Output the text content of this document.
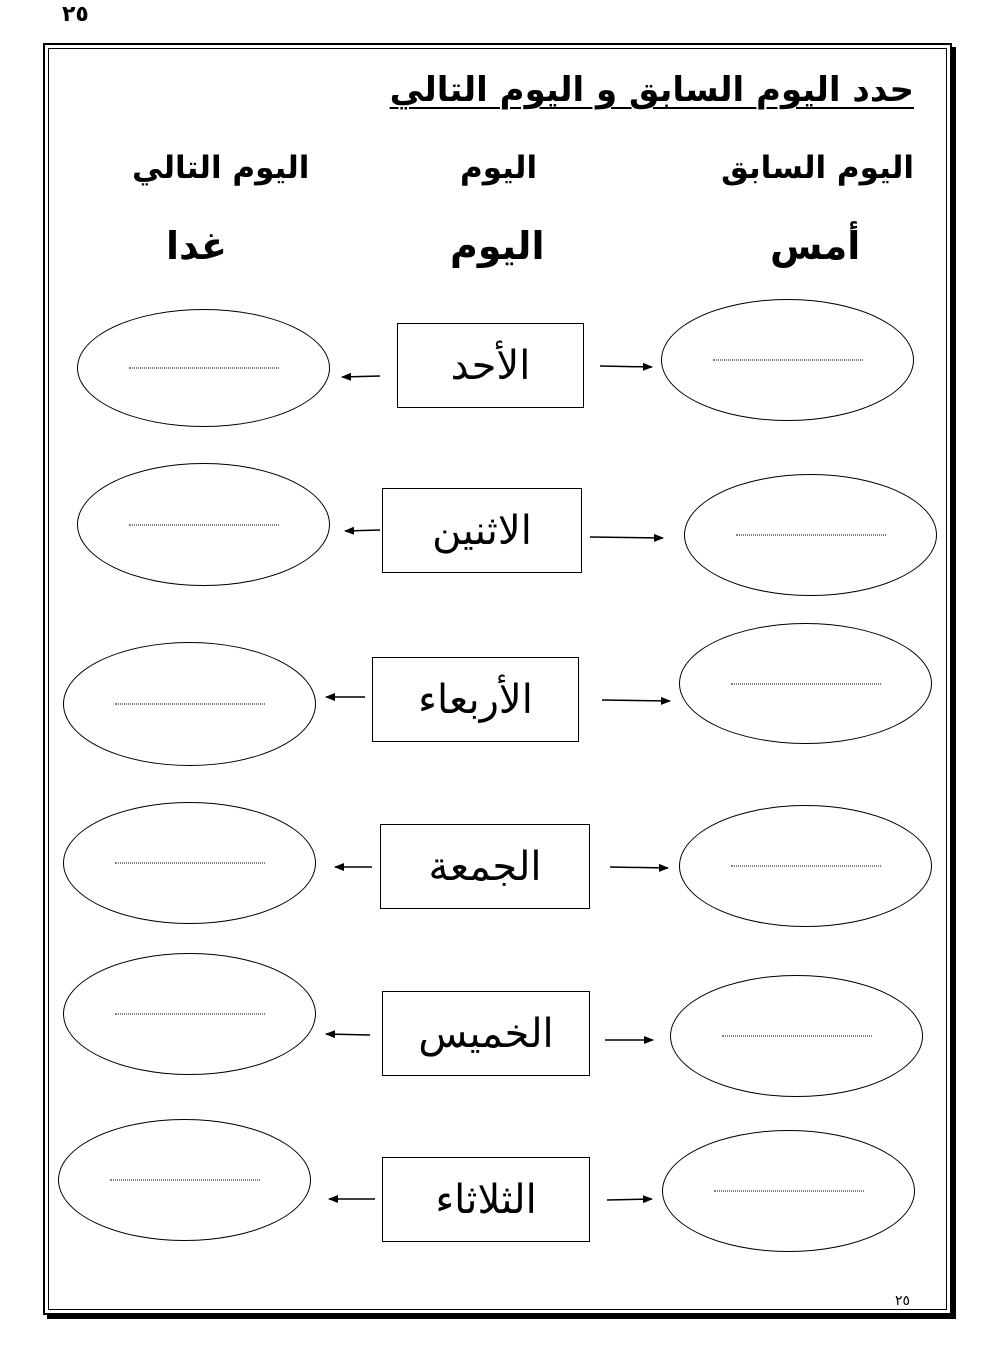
٢٥
حدد اليوم السابق و اليوم التالي
اليوم السابق
اليوم
اليوم التالي
أمس
اليوم
غدا
الأحد
الاثنين
الأربعاء
الجمعة
الخميس
الثلاثاء
٢٥
